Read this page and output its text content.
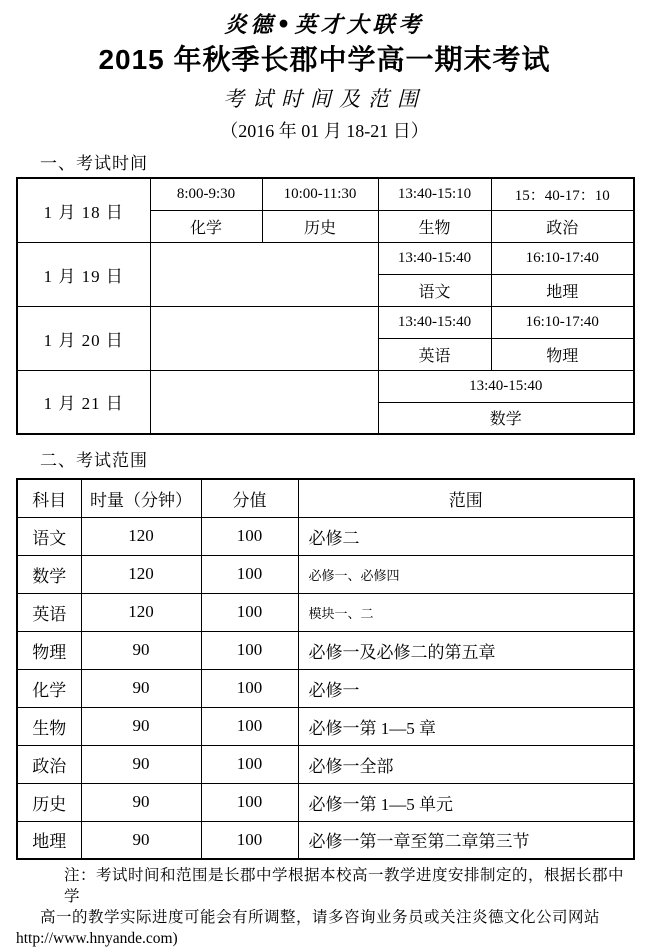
炎德•英才大联考
2015 年秋季长郡中学高一期末考试
考试时间及范围
（2016 年 01 月 18-21 日）
一、考试时间
1 月 18 日	8:00-9:30	10:00-11:30	13:40-15:10	15：40-17：10
	化学	历史	生物	政治
1 月 19 日			13:40-15:40	16:10-17:40
			语文	地理
1 月 20 日			13:40-15:40	16:10-17:40
			英语	物理
1 月 21 日			13:40-15:40	
			数学	
二、考试范围
科目	时量（分钟）	分值	范围
语文	120	100	必修二
数学	120	100	必修一、必修四
英语	120	100	模块一、二
物理	90	100	必修一及必修二的第五章
化学	90	100	必修一
生物	90	100	必修一第 1—5 章
政治	90	100	必修一全部
历史	90	100	必修一第 1—5 单元
地理	90	100	必修一第一章至第二章第三节
注：考试时间和范围是长郡中学根据本校高一教学进度安排制定的，根据长郡中学
高一的教学实际进度可能会有所调整，请多咨询业务员或关注炎德文化公司网站
http://www.hnyande.com)
